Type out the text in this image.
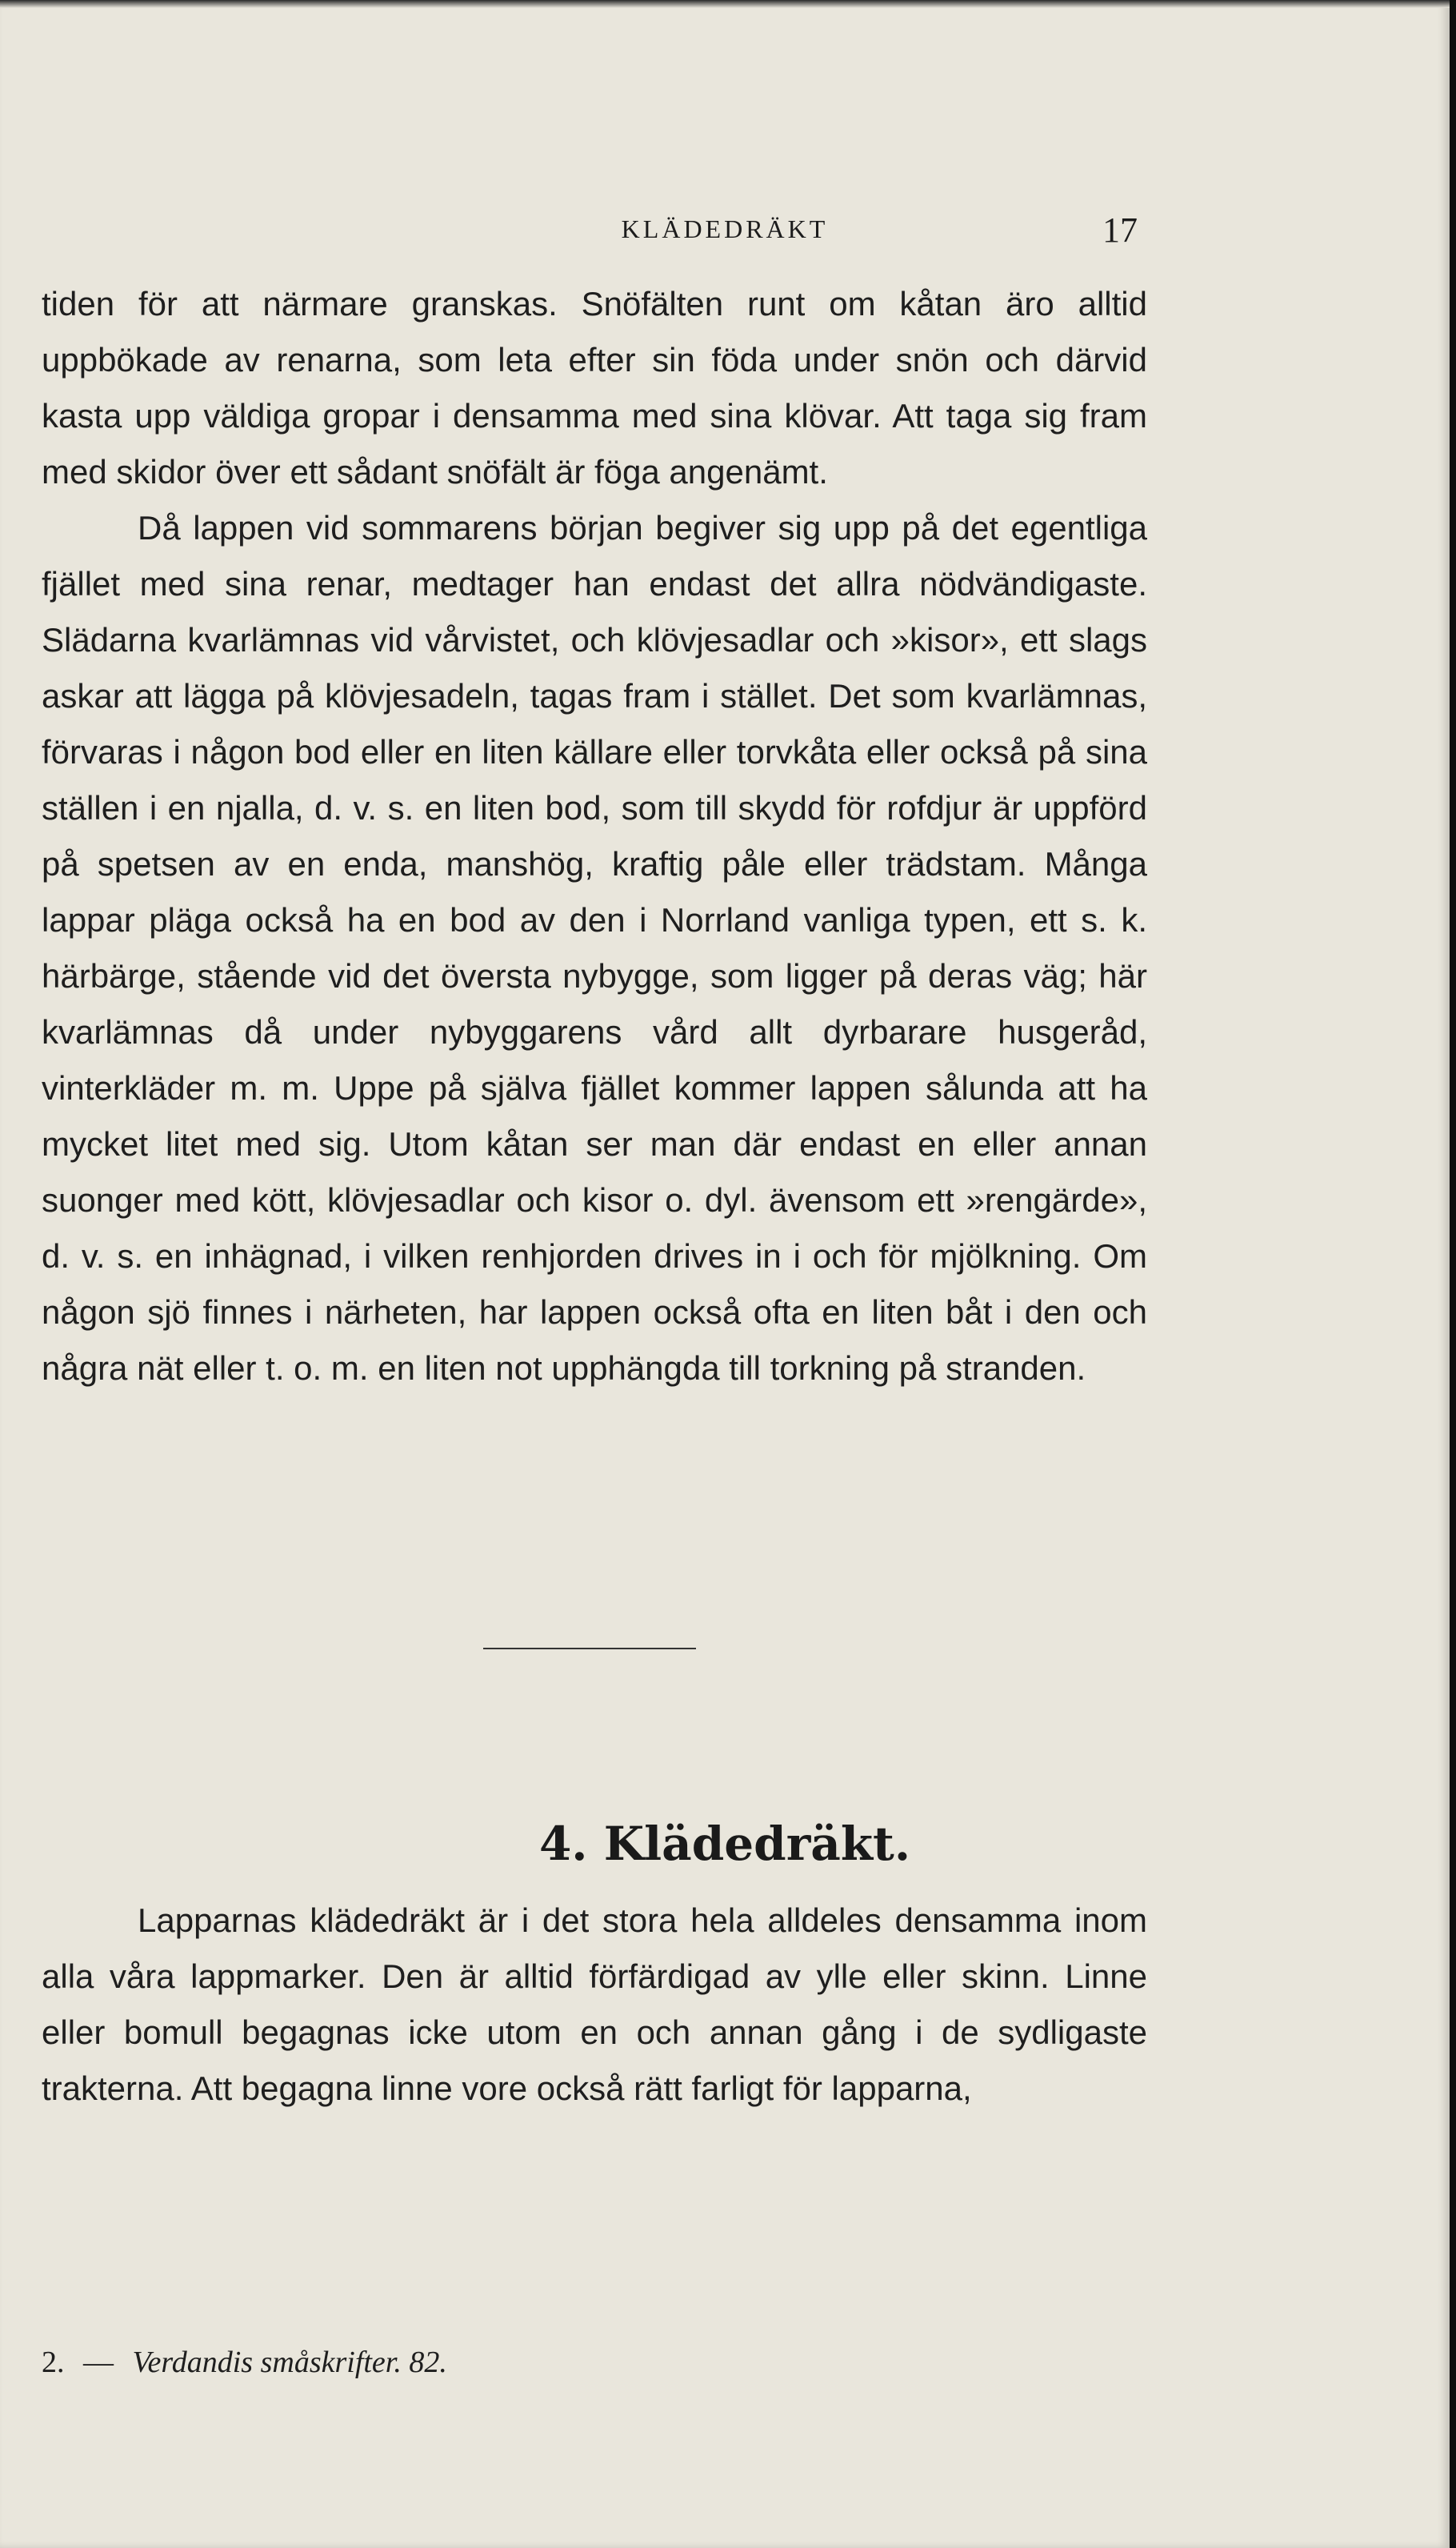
KLÄDEDRÄKT	17

tiden för att närmare granskas. Snöfälten runt om kåtan äro alltid uppbökade av renarna, som leta efter sin föda under snön och därvid kasta upp väldiga gropar i densamma med sina klövar. Att taga sig fram med skidor över ett sådant snöfält är föga angenämt.

Då lappen vid sommarens början begiver sig upp på det egentliga fjället med sina renar, medtager han endast det allra nödvändigaste. Slädarna kvarlämnas vid vårvistet, och klövjesadlar och »kisor», ett slags askar att lägga på klövjesadeln, tagas fram i stället. Det som kvarlämnas, förvaras i någon bod eller en liten källare eller torvkåta eller också på sina ställen i en njalla, d. v. s. en liten bod, som till skydd för rofdjur är uppförd på spetsen av en enda, manshög, kraftig påle eller trädstam. Många lappar pläga också ha en bod av den i Norrland vanliga typen, ett s. k. härbärge, stående vid det översta nybygge, som ligger på deras väg; här kvarlämnas då under nybyggarens vård allt dyrbarare husgeråd, vinterkläder m. m. Uppe på själva fjället kommer lappen sålunda att ha mycket litet med sig. Utom kåtan ser man där endast en eller annan suonger med kött, klövjesadlar och kisor o. dyl. ävensom ett »rengärde», d. v. s. en inhägnad, i vilken renhjorden drives in i och för mjölkning. Om någon sjö finnes i närheten, har lappen också ofta en liten båt i den och några nät eller t. o. m. en liten not upphängda till torkning på stranden.

4. Klädedräkt.

Lapparnas klädedräkt är i det stora hela alldeles densamma inom alla våra lappmarker. Den är alltid förfärdigad av ylle eller skinn. Linne eller bomull begagnas icke utom en och annan gång i de sydligaste trakterna. Att begagna linne vore också rätt farligt för lapparna,

2. — Verdandis småskrifter. 82.
